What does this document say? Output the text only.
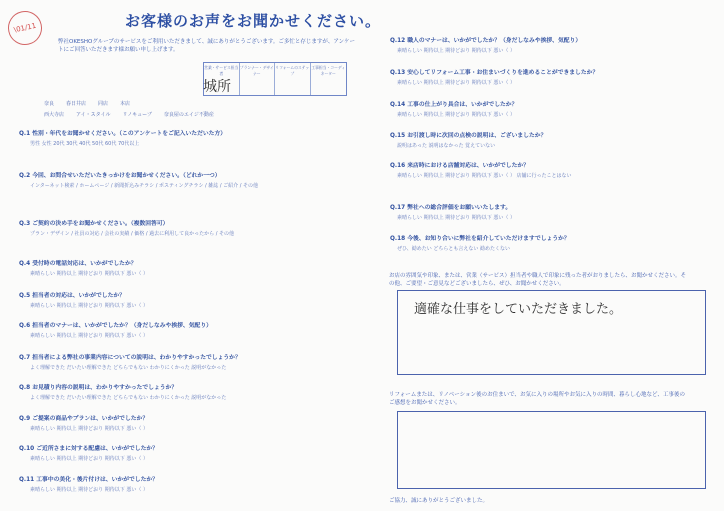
\01/11	お客様のお声をお聞かせください。
弊社OKESHOグループのサービスをご利用いただきまして、誠にありがとうございます。ご多忙と存じますが、アンケートにご回答いただきます様お願い申し上げます。
営業・サービス担当者
プランナー・デザイナー
リフォームのステップ
工事担当・コーディネーター
城所
奈良 春日井店 同店 本店
西大寺店 アイ・スタイル リノキューブ 奈良屋のエイジ不動産
Q.1 性別・年代をお聞かせください。（このアンケートをご記入いただいた方）
男性 女性 20代 30代 40代 50代 60代 70代以上
Q.2 今回、お問合せいただいたきっかけをお聞かせください。（どれか一つ）
インターネット検索 / ホームページ / 新聞折込みチラシ / ポスティングチラシ / 雑誌 / ご紹介 / その他
Q.3 ご契約の決め手をお聞かせください。（複数回答可）
プラン・デザイン / 社員の対応 / 会社の実績 / 価格 / 過去に利用して良かったから / その他
Q.4 受付時の電話対応は、いかがでしたか？
素晴らしい 期待以上 期待どおり 期待以下 悪い（ ）
Q.5 担当者の対応は、いかがでしたか？
素晴らしい 期待以上 期待どおり 期待以下 悪い（ ）
Q.6 担当者のマナーは、いかがでしたか？（身だしなみや挨拶、気配り）
素晴らしい 期待以上 期待どおり 期待以下 悪い（ ）
Q.7 担当者による弊社の事業内容についての説明は、わかりやすかったでしょうか？
よく理解できた だいたい理解できた どちらでもない わかりにくかった 説明がなかった
Q.8 お見積り内容の説明は、わかりやすかったでしょうか？
よく理解できた だいたい理解できた どちらでもない わかりにくかった 説明がなかった
Q.9 ご提案の商品やプランは、いかがでしたか？
素晴らしい 期待以上 期待どおり 期待以下 悪い（ ）
Q.10 ご近所さまに対する配慮は、いかがでしたか？
素晴らしい 期待以上 期待どおり 期待以下 悪い（ ）
Q.11 工事中の美化・後片付けは、いかがでしたか？
素晴らしい 期待以上 期待どおり 期待以下 悪い（ ）
Q.12 職人のマナーは、いかがでしたか？（身だしなみや挨拶、気配り）
素晴らしい 期待以上 期待どおり 期待以下 悪い（ ）
Q.13 安心してリフォーム工事・お住まいづくりを進めることができましたか？
素晴らしい 期待以上 期待どおり 期待以下 悪い（ ）
Q.14 工事の仕上がり具合は、いかがでしたか？
素晴らしい 期待以上 期待どおり 期待以下 悪い（ ）
Q.15 お引渡し時に次回の点検の説明は、ございましたか？
説明はあった 説明はなかった 覚えていない
Q.16 来店時における店舗対応は、いかがでしたか？
素晴らしい 期待以上 期待どおり 期待以下 悪い（ ） 店舗に行ったことはない
Q.17 弊社への総合評価をお願いいたします。
素晴らしい 期待以上 期待どおり 期待以下 悪い（ ）
Q.18 今後、お知り合いに弊社を紹介していただけますでしょうか？
ぜひ、勧めたい どちらとも言えない 勧めたくない
お店の雰囲気や印象、または、営業（サービス）担当者や職人で印象に残った者がおりましたら、お聞かせください。その他、ご要望・ご意見などございましたら、ぜひ、お聞かせください。
適確な仕事をしていただきました。
リフォームまたは、リノベーション後のお住まいで、お気に入りの場所やお気に入りの時間、暮らし心地など、工事後のご感想をお聞かせください。
ご協力、誠にありがとうございました。
